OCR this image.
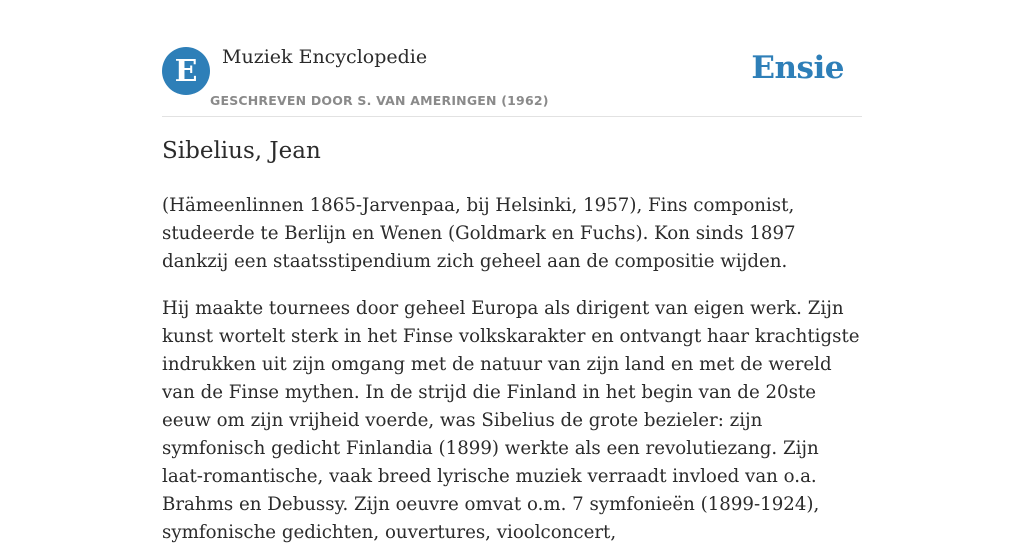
E	Muziek Encyclopedie
GESCHREVEN DOOR S. VAN AMERINGEN (1962)
Ensie
Sibelius, Jean

(Hämeenlinnen 1865-Jarvenpaa, bij Helsinki, 1957), Fins componist, studeerde te Berlijn en Wenen (Goldmark en Fuchs). Kon sinds 1897 dankzij een staatsstipendium zich geheel aan de compositie wijden.

Hij maakte tournees door geheel Europa als dirigent van eigen werk. Zijn kunst wortelt sterk in het Finse volkskarakter en ontvangt haar krachtigste indrukken uit zijn omgang met de natuur van zijn land en met de wereld van de Finse mythen. In de strijd die Finland in het begin van de 20ste eeuw om zijn vrijheid voerde, was Sibelius de grote bezieler: zijn symfonisch gedicht Finlandia (1899) werkte als een revolutiezang. Zijn laat-romantische, vaak breed lyrische muziek verraadt invloed van o.a. Brahms en Debussy. Zijn oeuvre omvat o.m. 7 symfonieën (1899-1924), symfonische gedichten, ouvertures, vioolconcert,
